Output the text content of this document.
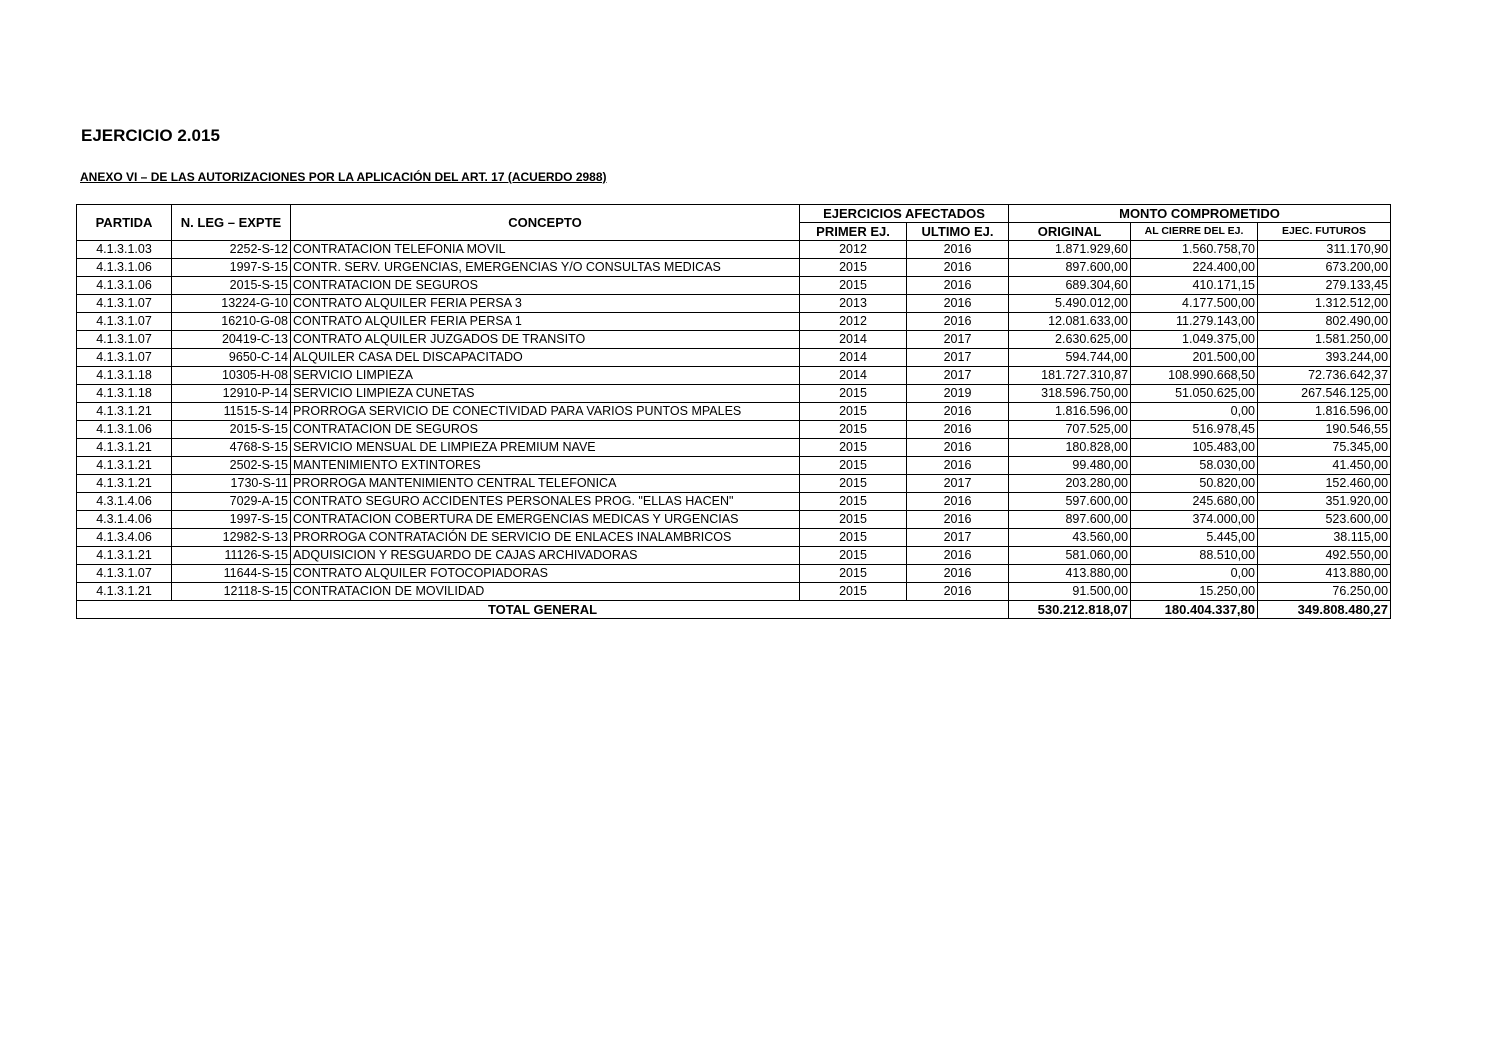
EJERCICIO 2.015
ANEXO VI – DE LAS AUTORIZACIONES POR LA APLICACIÓN DEL ART. 17 (ACUERDO 2988)
PARTIDA	N. LEG – EXPTE	CONCEPTO	EJERCICIOS AFECTADOS		MONTO COMPROMETIDO		
			PRIMER EJ.	ULTIMO EJ.	ORIGINAL	AL CIERRE DEL EJ.	EJEC. FUTUROS
4.1.3.1.03	2252-S-12	CONTRATACION TELEFONIA MOVIL	2012	2016	1.871.929,60	1.560.758,70	311.170,90
4.1.3.1.06	1997-S-15	CONTR. SERV. URGENCIAS, EMERGENCIAS Y/O CONSULTAS MEDICAS	2015	2016	897.600,00	224.400,00	673.200,00
4.1.3.1.06	2015-S-15	CONTRATACION DE SEGUROS	2015	2016	689.304,60	410.171,15	279.133,45
4.1.3.1.07	13224-G-10	CONTRATO ALQUILER FERIA PERSA 3	2013	2016	5.490.012,00	4.177.500,00	1.312.512,00
4.1.3.1.07	16210-G-08	CONTRATO ALQUILER FERIA PERSA 1	2012	2016	12.081.633,00	11.279.143,00	802.490,00
4.1.3.1.07	20419-C-13	CONTRATO ALQUILER JUZGADOS DE TRANSITO	2014	2017	2.630.625,00	1.049.375,00	1.581.250,00
4.1.3.1.07	9650-C-14	ALQUILER CASA DEL DISCAPACITADO	2014	2017	594.744,00	201.500,00	393.244,00
4.1.3.1.18	10305-H-08	SERVICIO LIMPIEZA	2014	2017	181.727.310,87	108.990.668,50	72.736.642,37
4.1.3.1.18	12910-P-14	SERVICIO LIMPIEZA CUNETAS	2015	2019	318.596.750,00	51.050.625,00	267.546.125,00
4.1.3.1.21	11515-S-14	PRORROGA SERVICIO DE CONECTIVIDAD PARA VARIOS PUNTOS MPALES	2015	2016	1.816.596,00	0,00	1.816.596,00
4.1.3.1.06	2015-S-15	CONTRATACION DE SEGUROS	2015	2016	707.525,00	516.978,45	190.546,55
4.1.3.1.21	4768-S-15	SERVICIO MENSUAL DE LIMPIEZA PREMIUM NAVE	2015	2016	180.828,00	105.483,00	75.345,00
4.1.3.1.21	2502-S-15	MANTENIMIENTO EXTINTORES	2015	2016	99.480,00	58.030,00	41.450,00
4.1.3.1.21	1730-S-11	PRORROGA MANTENIMIENTO CENTRAL TELEFONICA	2015	2017	203.280,00	50.820,00	152.460,00
4.3.1.4.06	7029-A-15	CONTRATO SEGURO ACCIDENTES PERSONALES PROG. "ELLAS HACEN"	2015	2016	597.600,00	245.680,00	351.920,00
4.3.1.4.06	1997-S-15	CONTRATACION COBERTURA DE EMERGENCIAS MEDICAS Y URGENCIAS	2015	2016	897.600,00	374.000,00	523.600,00
4.1.3.4.06	12982-S-13	PRORROGA CONTRATACIÓN DE SERVICIO DE ENLACES INALAMBRICOS	2015	2017	43.560,00	5.445,00	38.115,00
4.1.3.1.21	11126-S-15	ADQUISICION Y RESGUARDO DE CAJAS ARCHIVADORAS	2015	2016	581.060,00	88.510,00	492.550,00
4.1.3.1.07	11644-S-15	CONTRATO ALQUILER FOTOCOPIADORAS	2015	2016	413.880,00	0,00	413.880,00
4.1.3.1.21	12118-S-15	CONTRATACION DE MOVILIDAD	2015	2016	91.500,00	15.250,00	76.250,00
TOTAL GENERAL					530.212.818,07	180.404.337,80	349.808.480,27
